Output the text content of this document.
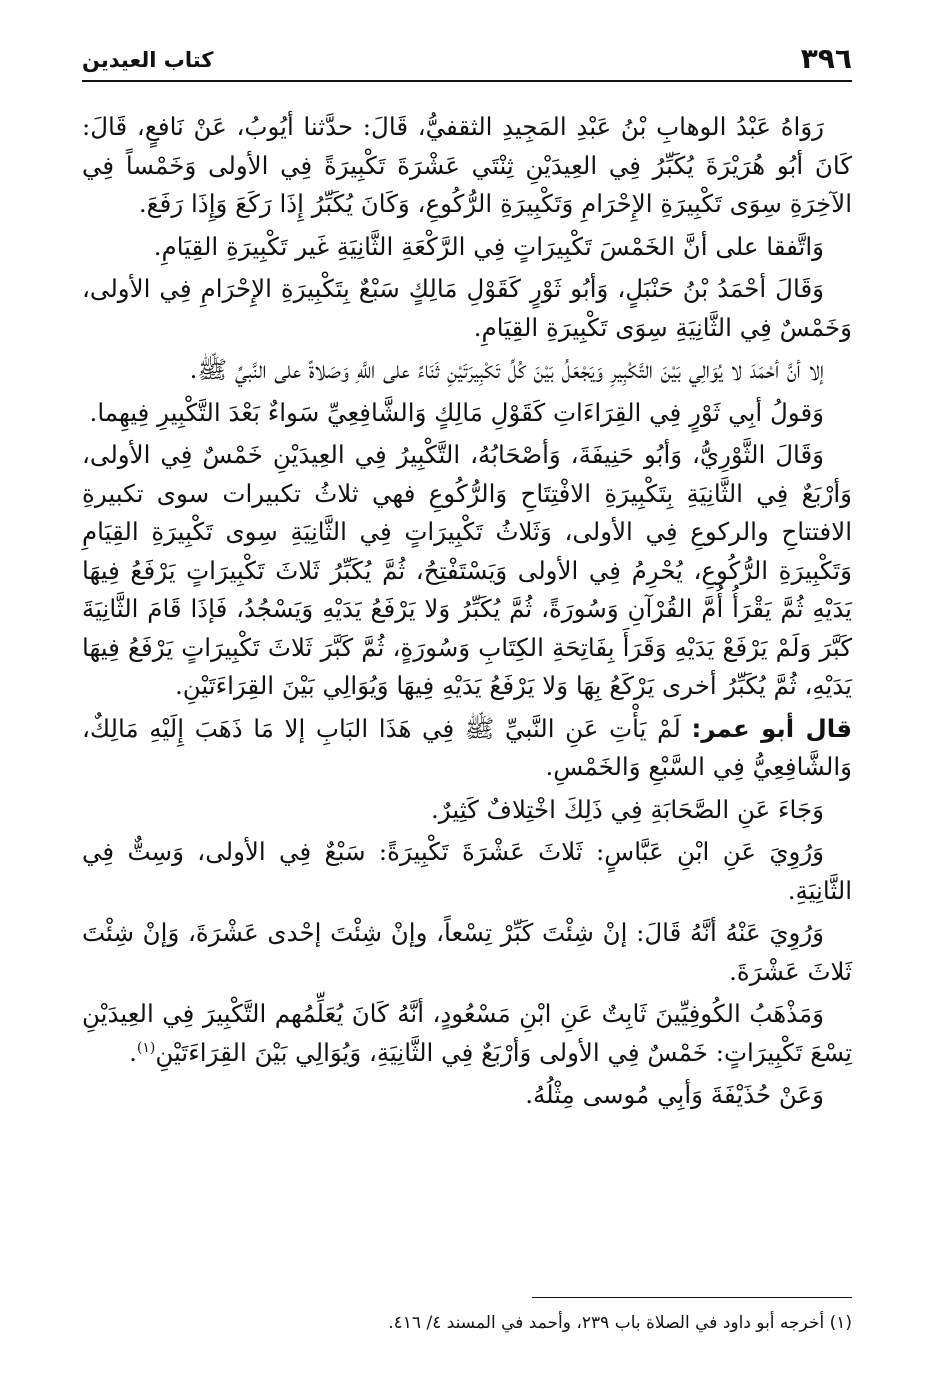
٣٩٦
كتاب العيدين

رَوَاهُ عَبْدُ الوهابِ بْنُ عَبْدِ المَجِيدِ الثقفيُّ، قَالَ: حدَّثنا أيُوبُ، عَنْ نَافعٍ، قَالَ: كَانَ أبُو هُرَيْرَةَ يُكَبِّرُ فِي العِيدَيْنِ ثِنْتَي عَشْرَةَ تَكْبِيرَةً فِي الأولى وَخَمْساً فِي الآخِرَةِ سِوَى تَكْبِيرَةِ الإِحْرَامِ وَتَكْبِيرَةِ الرُّكُوعِ، وَكَانَ يُكَبِّرُ إِذَا رَكَعَ وَإِذَا رَفَعَ.

وَاتَّفقا على أنَّ الخَمْسَ تَكْبِيرَاتٍ فِي الرَّكْعَةِ الثَّانِيَةِ غَير تَكْبِيرَةِ القِيَامِ.

وَقَالَ أحْمَدُ بْنُ حَنْبَلٍ، وَأبُو ثَوْرٍ كَقَوْلِ مَالِكٍ سَبْعٌ بِتَكْبِيرَةِ الإِحْرَامِ فِي الأولى، وَخَمْسٌ فِي الثَّانِيَةِ سِوَى تَكْبِيرَةِ القِيَامِ.

إلا أنَّ أحْمَدَ لا يُوَالِي بَيْنَ التَّكْبِيرِ وَيَجْعَلُ بَيْنَ كُلِّ تَكْبِيرَتَيْنِ ثَنَاءً على اللَّهِ وَصَلاةً على النَّبيِّ ﷺ.

وَقولُ أبِي ثَوْرٍ فِي القِرَاءَاتِ كَقَوْلِ مَالِكٍ وَالشَّافِعِيِّ سَواءٌ بَعْدَ التَّكْبِيرِ فِيهِما.

وَقَالَ الثَّوْرِيُّ، وَأبُو حَنِيفَةَ، وَأصْحَابُهُ، التَّكْبِيرُ فِي العِيدَيْنِ خَمْسٌ فِي الأولى، وَأرْبَعٌ فِي الثَّانِيَةِ بِتَكْبِيرَةِ الافْتِتَاحِ وَالرُّكُوعِ فهي ثلاثُ تكبيرات سوى تكبيرةِ الافتتاحِ والركوعِ فِي الأولى، وَثَلاثُ تَكْبِيرَاتٍ فِي الثَّانِيَةِ سِوى تَكْبِيرَةِ القِيَامِ وَتَكْبِيرَةِ الرُّكُوعِ، يُحْرِمُ فِي الأولى وَيَسْتَفْتِحُ، ثُمَّ يُكَبِّرُ ثَلاثَ تَكْبِيرَاتٍ يَرْفَعُ فِيهَا يَدَيْهِ ثُمَّ يَقْرَأُ أُمَّ القُرْآنِ وَسُورَةً، ثُمَّ يُكَبِّرُ وَلا يَرْفَعُ يَدَيْهِ وَيَسْجُدُ، فَإذَا قَامَ الثَّانِيَةَ كَبَّرَ وَلَمْ يَرْفَعْ يَدَيْهِ وَقَرَأَ بِفَاتِحَةِ الكِتَابِ وَسُورَةٍ، ثُمَّ كَبَّرَ ثَلاثَ تَكْبِيرَاتٍ يَرْفَعُ فِيهَا يَدَيْهِ، ثُمَّ يُكَبِّرُ أخرى يَرْكَعُ بِهَا وَلا يَرْفَعُ يَدَيْهِ فِيهَا وَيُوَالِي بَيْنَ القِرَاءَتَيْنِ.

قال أبو عمر: لَمْ يَأْتِ عَنِ النَّبيِّ ﷺ فِي هَذَا البَابِ إلا مَا ذَهَبَ إِلَيْهِ مَالِكٌ، وَالشَّافِعِيُّ فِي السَّبْعِ وَالخَمْسِ.

وَجَاءَ عَنِ الصَّحَابَةِ فِي ذَلِكَ اخْتِلافٌ كَثِيرٌ.

وَرُوِيَ عَنِ ابْنِ عَبَّاسٍ: ثَلاثَ عَشْرَةَ تَكْبِيرَةً: سَبْعٌ فِي الأولى، وَسِتٌّ فِي الثَّانِيَةِ.

وَرُوِيَ عَنْهُ أنَّهُ قَالَ: إنْ شِئْتَ كَبِّرْ تِسْعاً، وإنْ شِئْتَ إحْدى عَشْرَةَ، وَإنْ شِئْتَ ثَلاثَ عَشْرَةَ.

وَمَذْهَبُ الكُوفِيِّينَ ثَابِتٌ عَنِ ابْنِ مَسْعُودٍ، أنَّهُ كَانَ يُعَلِّمُهم التَّكْبِيرَ فِي العِيدَيْنِ تِسْعَ تَكْبِيرَاتٍ: خَمْسٌ فِي الأولى وَأرْبَعٌ فِي الثَّانِيَةِ، وَيُوَالِي بَيْنَ القِرَاءَتَيْنِ$^{(١)}$.

وَعَنْ حُذَيْفَةَ وَأبِي مُوسى مِثْلُهُ.

(١) أخرجه أبو داود في الصلاة باب ٢٣٩، وأحمد في المسند ٤/ ٤١٦.
